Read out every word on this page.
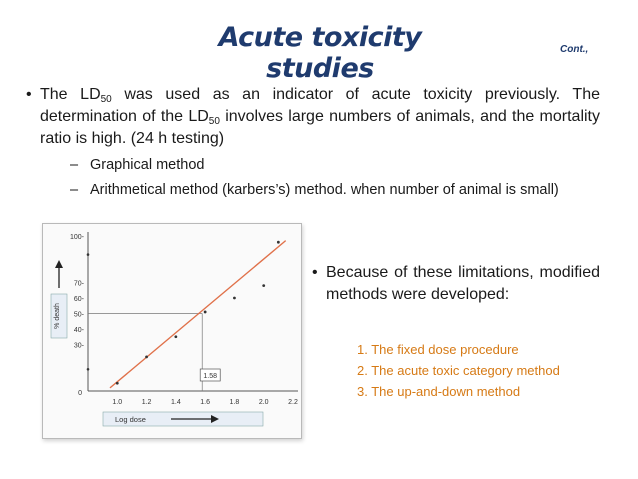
Acute toxicity studies
Cont.,
• The $LD_{50}$ was used as an indicator of acute toxicity previously. The determination of the $LD_{50}$ involves large numbers of animals, and the mortality ratio is high. (24 h testing)
– Graphical method
– Arithmetical method (karbers’s) method. when number of animal is small)
100-
70-
60-
50-
40-
30-
0
1.0	1.2	1.4	1.6	1.8	2.0	2.2
% death
Log dose
1.58
• Because of these limitations, modified methods were developed:
1. The fixed dose procedure
2. The acute toxic category method
3. The up-and-down method
